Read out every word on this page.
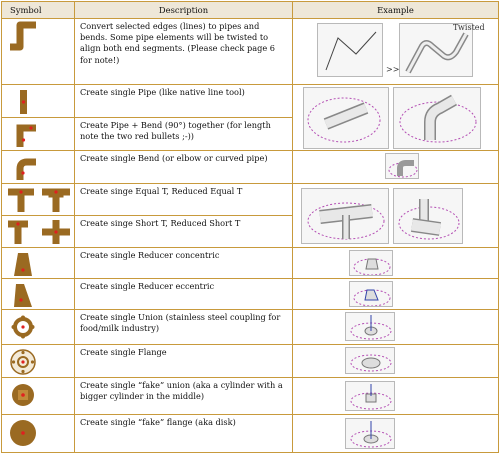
Symbol	Description	Example

	Convert selected edges (lines) to pipes and bends. Some pipe elements will be twisted to align both end segments. (Please check page 6 for note!)	>>
Twisted

	Create single Pipe (like native line tool)	

	Create Pipe + Bend (90°) together (for length note the two red bullets ;-))	

	Create single Bend (or elbow or curved pipe)	

	Create singe Equal T, Reduced Equal T	

	Create singe Short T, Reduced Short T	

	Create single Reducer concentric	

	Create single Reducer eccentric	

	Create single Union (stainless steel coupling for food/milk industry)	

	Create single Flange	

	Create single “fake” union (aka a cylinder with a bigger cylinder in the middle)	

	Create single “fake” flange (aka disk)	
